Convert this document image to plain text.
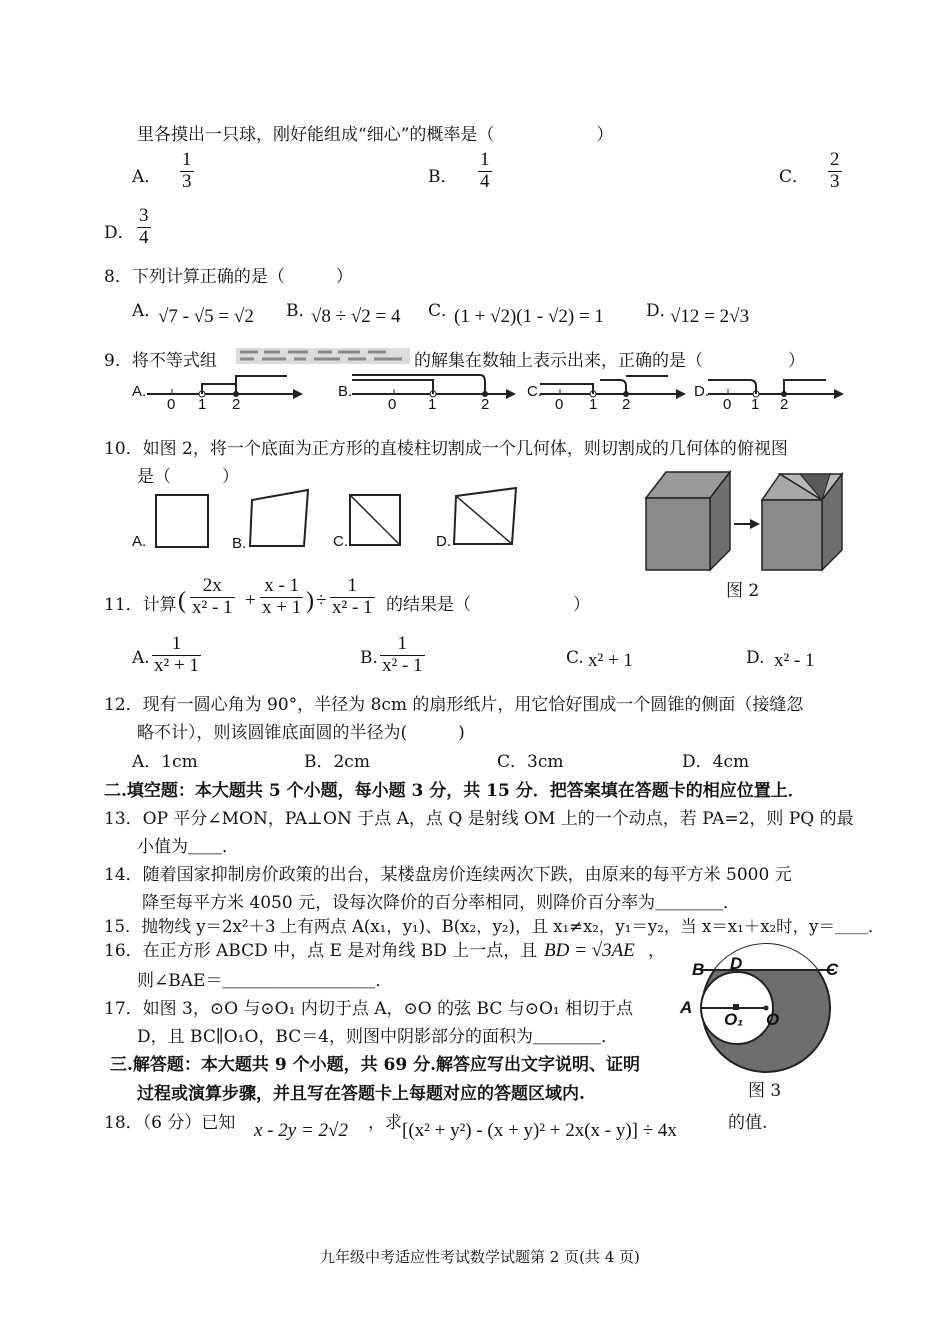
里各摸出一只球，刚好能组成“细心”的概率是（　　　　　　）
A．
1
3	B．
1
4	C．
2
3
D．
3
4
8．下列计算正确的是（　　　）
A．
√7 - √5 = √2 B．
√8 ÷ √2 = 4 C．
(1 + √2)(1 - √2) = 1 D．
√12 = 2√3
9．将不等式组	的解集在数轴上表示出来，正确的是（　　　　　）
A.
0 1 2
B.
0 1	2
C.
0 1 2
D.
0 1 2
10．如图 2，将一个底面为正方形的直棱柱切割成一个几何体，则切割成的几何体的俯视图
是（　　　）
A.	B.	C.	D.
图 2
11．计算 (
2x
x² - 1 +
x - 1
x + 1 ) ÷
1
x² - 1 的结果是（　　　　　　）
A.
1
x² + 1	B.
1
x² - 1	C. x² + 1	D. x² - 1
12．现有一圆心角为 90°，半径为 8cm 的扇形纸片，用它恰好围成一个圆锥的侧面（接缝忽
略不计），则该圆锥底面圆的半径为(　　　)
A．1cm	B．2cm	C．3cm	D．4cm
二.填空题：本大题共 5 个小题，每小题 3 分，共 15 分．把答案填在答题卡的相应位置上．
13．OP 平分∠MON，PA⊥ON 于点 A，点 Q 是射线 OM 上的一个动点，若 PA=2，则 PQ 的最
小值为＿＿．
14．随着国家抑制房价政策的出台，某楼盘房价连续两次下跌，由原来的每平方米 5000 元
降至每平方米 4050 元，设每次降价的百分率相同，则降价百分率为＿＿＿＿．
15．抛物线 y＝2x²＋3 上有两点 A(x₁，y₁)、B(x₂，y₂)，且 x₁≠x₂，y₁＝y₂，当 x＝x₁＋x₂时，y＝＿＿．
16．在正方形 ABCD 中，点 E 是对角线 BD 上一点，且 BD = √3AE ，
则∠BAE＝＿＿＿＿＿＿＿＿＿．
17．如图 3，⊙O 与⊙O₁ 内切于点 A，⊙O 的弦 BC 与⊙O₁ 相切于点
D，且 BC∥O₁O，BC＝4，则图中阴影部分的面积为＿＿＿＿．
B D	C
A
O₁ O
图 3
三.解答题：本大题共 9 个小题，共 69 分.解答应写出文字说明、证明
过程或演算步骤，并且写在答题卡上每题对应的答题区域内.
18．（6 分）已知 x - 2y = 2√2 ，求 [(x² + y²) - (x + y)² + 2x(x - y)] ÷ 4x	的值.
九年级中考适应性考试数学试题第 2 页(共 4 页)
